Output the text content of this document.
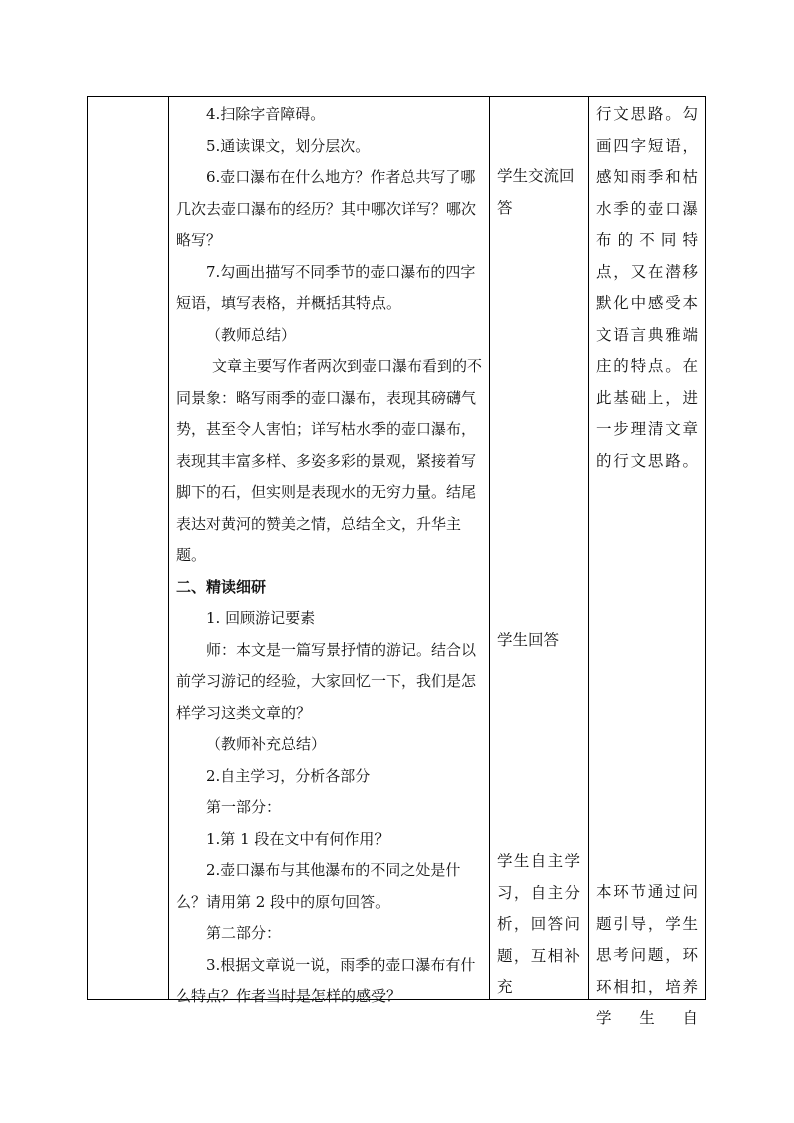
4.扫除字音障碍。

5.通读课文，划分层次。

6.壶口瀑布在什么地方？作者总共写了哪几次去壶口瀑布的经历？其中哪次详写？哪次略写？

7.勾画出描写不同季节的壶口瀑布的四字短语，填写表格，并概括其特点。

（教师总结）

文章主要写作者两次到壶口瀑布看到的不同景象：略写雨季的壶口瀑布，表现其磅礴气势，甚至令人害怕；详写枯水季的壶口瀑布，表现其丰富多样、多姿多彩的景观，紧接着写脚下的石，但实则是表现水的无穷力量。结尾表达对黄河的赞美之情，总结全文，升华主题。

二、精读细研

1. 回顾游记要素

师：本文是一篇写景抒情的游记。结合以前学习游记的经验，大家回忆一下，我们是怎样学习这类文章的？

（教师补充总结）

2.自主学习，分析各部分

第一部分：

1.第 1 段在文中有何作用？

2.壶口瀑布与其他瀑布的不同之处是什么？请用第 2 段中的原句回答。

第二部分：

3.根据文章说一说，雨季的壶口瀑布有什么特点？作者当时是怎样的感受？

学生交流回答

学生回答

学生自主学习，自主分析，回答问题，互相补充

行文思路。勾画四字短语，感知雨季和枯水季的壶口瀑布的不同特点，又在潜移默化中感受本文语言典雅端庄的特点。在此基础上，进一步理清文章的行文思路。

本环节通过问题引导，学生思考问题，环环相扣，培养学生自
